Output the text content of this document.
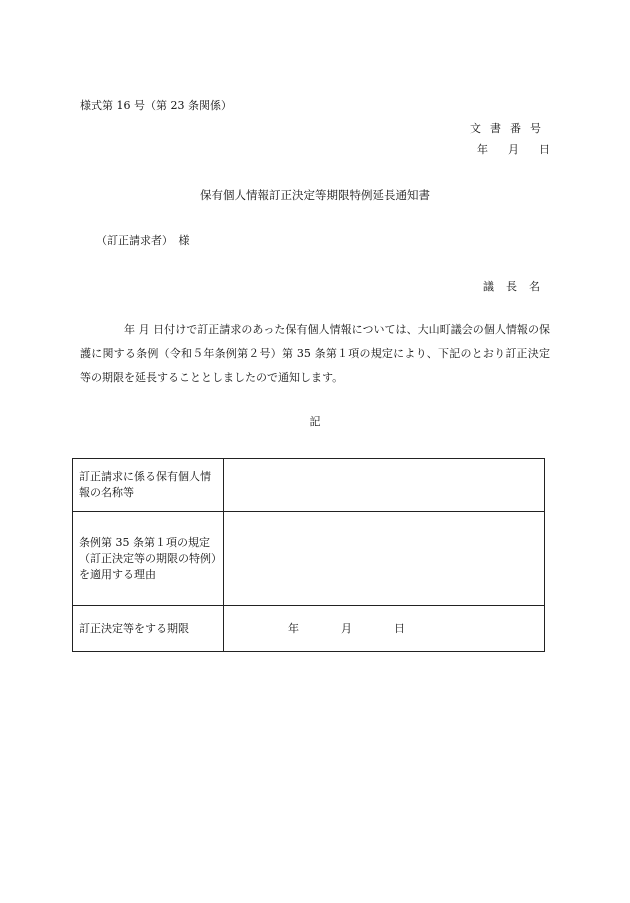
様式第 16 号（第 23 条関係）
文書番号
年 月 日
保有個人情報訂正決定等期限特例延長通知書
（訂正請求者）　様
議長名
年 月 日付けで訂正請求のあった保有個人情報については、大山町議会の個人情報の保護に関する条例（令和５年条例第２号）第 35 条第１項の規定により、下記のとおり訂正決定等の期限を延長することとしましたので通知します。
記
訂正請求に係る保有個人情報の名称等	
条例第 35 条第１項の規定（訂正決定等の期限の特例）を適用する理由	
訂正決定等をする期限	年 月 日
